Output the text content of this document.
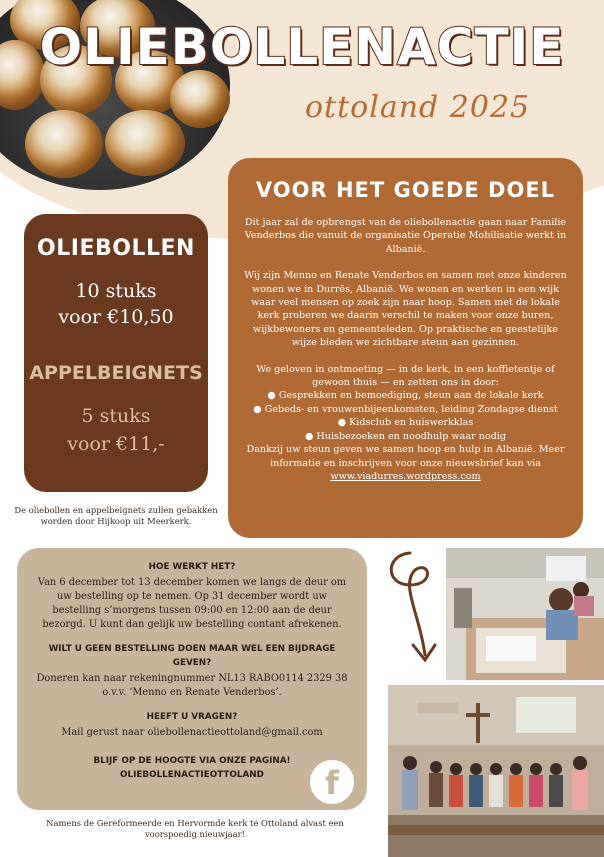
OLIEBOLLENACTIE
ottoland 2025
VOOR HET GOEDE DOEL

Dit jaar zal de opbrengst van de oliebollenactie gaan naar Familie Venderbos die vanuit de organisatie Operatie Mobilisatie werkt in Albanië.

Wij zijn Menno en Renate Venderbos en samen met onze kinderen wonen we in Durrës, Albanië. We wonen en werken in een wijk waar veel mensen op zoek zijn naar hoop. Samen met de lokale kerk proberen we daarin verschil te maken voor onze buren, wijkbewoners en gemeenteleden. Op praktische en geestelijke wijze bieden we zichtbare steun aan gezinnen.

We geloven in ontmoeting — in de kerk, in een koffietentje of gewoon thuis — en zetten ons in door:

● Gesprekken en bemoediging, steun aan de lokale kerk
● Gebeds- en vrouwenbijeenkomsten, leiding Zondagse dienst
● Kidsclub en huiswerkklas
● Huisbezoeken en noodhulp waar nodig

Dankzij uw steun geven we samen hoop en hulp in Albanië. Meer informatie en inschrijven voor onze nieuwsbrief kan via

www.viadurres.wordpress.com
OLIEBOLLEN
10 stuks
voor €10,50
APPELBEIGNETS
5 stuks
voor €11,-
De oliebollen en appelbeignets zullen gebakken worden door Hijkoop uit Meerkerk.
HOE WERKT HET?

Van 6 december tot 13 december komen we langs de deur om uw bestelling op te nemen. Op 31 december wordt uw bestelling s’morgens tussen 09:00 en 12:00 aan de deur bezorgd. U kunt dan gelijk uw bestelling contant afrekenen.

WILT U GEEN BESTELLING DOEN MAAR WEL EEN BIJDRAGE GEVEN?

Doneren kan naar rekeningnummer NL13 RABO0114 2329 38 o.v.v. ‘Menno en Renate Venderbos’.

HEEFT U VRAGEN?

Mail gerust naar oliebollenactieottoland@gmail.com

BLIJF OP DE HOOGTE VIA ONZE PAGINA!
OLIEBOLLENACTIEOTTOLAND	f
Namens de Gereformeerde en Hervormde kerk te Ottoland alvast een voorspoedig nieuwjaar!
